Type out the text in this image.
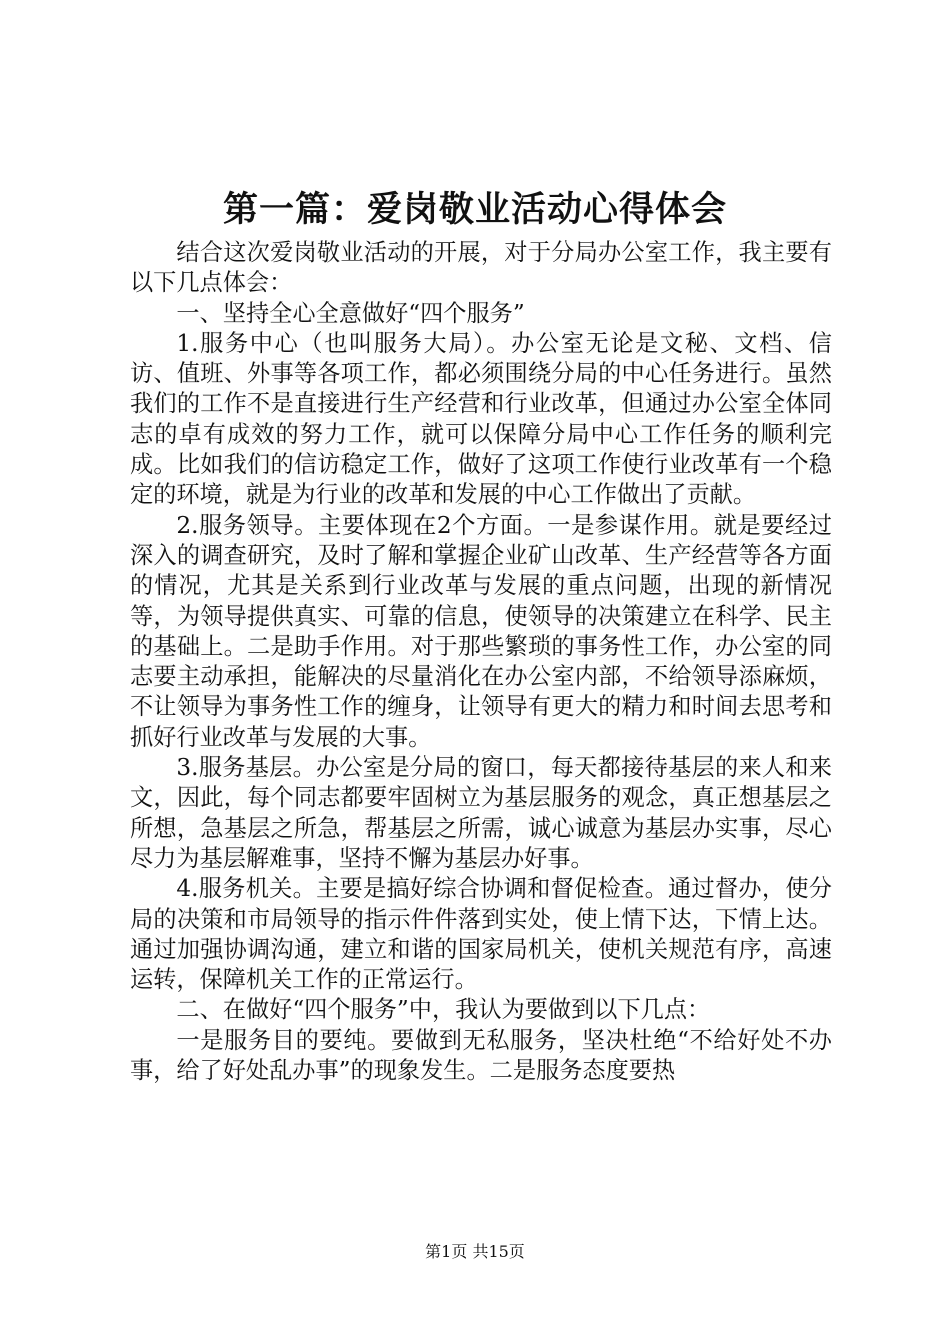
第一篇：爱岗敬业活动心得体会

结合这次爱岗敬业活动的开展，对于分局办公室工作，我主要有以下几点体会：

一、坚持全心全意做好“四个服务”

1.服务中心（也叫服务大局）。办公室无论是文秘、文档、信访、值班、外事等各项工作，都必须围绕分局的中心任务进行。虽然我们的工作不是直接进行生产经营和行业改革，但通过办公室全体同志的卓有成效的努力工作，就可以保障分局中心工作任务的顺利完成。比如我们的信访稳定工作，做好了这项工作使行业改革有一个稳定的环境，就是为行业的改革和发展的中心工作做出了贡献。

2.服务领导。主要体现在2个方面。一是参谋作用。就是要经过深入的调查研究，及时了解和掌握企业矿山改革、生产经营等各方面的情况，尤其是关系到行业改革与发展的重点问题，出现的新情况等，为领导提供真实、可靠的信息，使领导的决策建立在科学、民主的基础上。二是助手作用。对于那些繁琐的事务性工作，办公室的同志要主动承担，能解决的尽量消化在办公室内部，不给领导添麻烦，不让领导为事务性工作的缠身，让领导有更大的精力和时间去思考和抓好行业改革与发展的大事。

3.服务基层。办公室是分局的窗口，每天都接待基层的来人和来文，因此，每个同志都要牢固树立为基层服务的观念，真正想基层之所想，急基层之所急，帮基层之所需，诚心诚意为基层办实事，尽心尽力为基层解难事，坚持不懈为基层办好事。

4.服务机关。主要是搞好综合协调和督促检查。通过督办，使分局的决策和市局领导的指示件件落到实处，使上情下达，下情上达。通过加强协调沟通，建立和谐的国家局机关，使机关规范有序，高速运转，保障机关工作的正常运行。

二、在做好“四个服务”中，我认为要做到以下几点：

一是服务目的要纯。要做到无私服务，坚决杜绝“不给好处不办事，给了好处乱办事”的现象发生。二是服务态度要热

第1页 共15页
